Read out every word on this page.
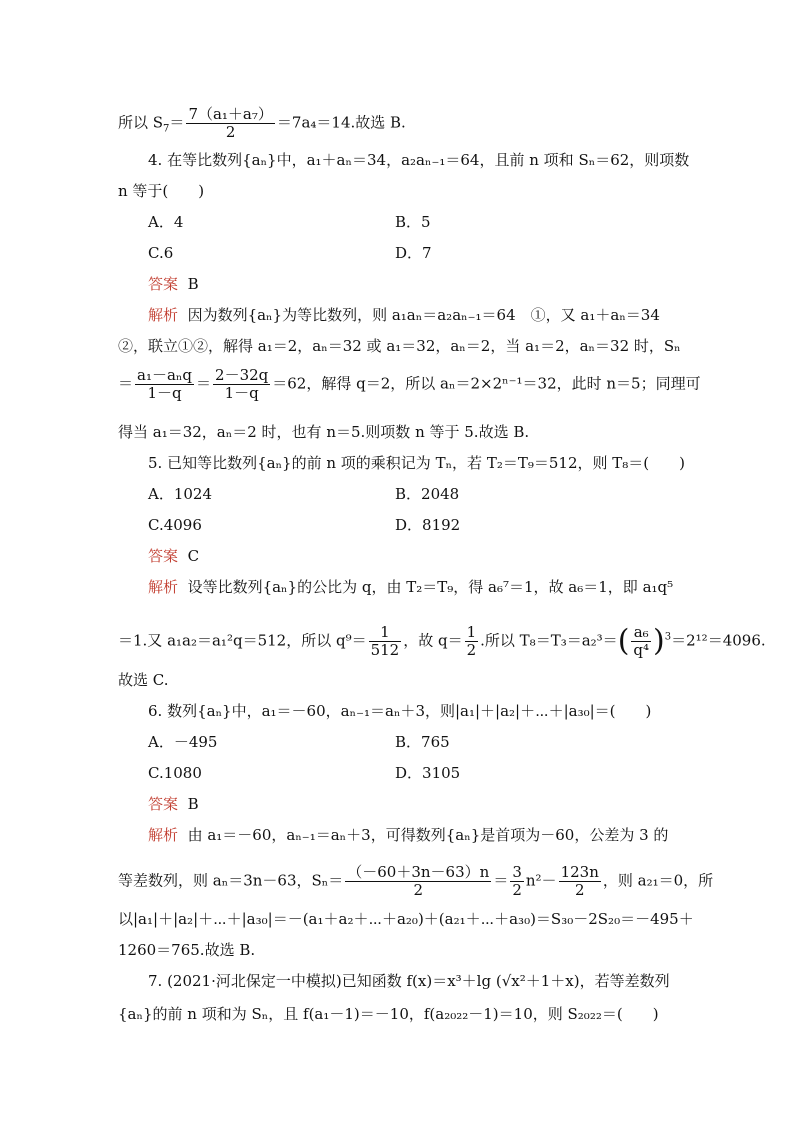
所以 $S_7= \frac{\text{7（a₁＋a₇）}}{2} =7a_4=14$.故选 B.
4. 在等比数列{aₙ}中，a₁＋aₙ＝34，a₂aₙ₋₁＝64，且前 n 项和 Sₙ＝62，则项数
n 等于(　　)
A．4	B．5
C.6	D．7
答案 B
解析 因为数列{aₙ}为等比数列，则 a₁aₙ＝a₂aₙ₋₁＝64　①，又 a₁＋aₙ＝34
②，联立①②，解得 a₁＝2，aₙ＝32 或 a₁＝32，aₙ＝2，当 a₁＝2，aₙ＝32 时，Sₙ
＝ $\frac{\text{a₁－aₙq}}{1-q} = \frac{2-32q}{1-q} =62$，解得 q＝2，所以 aₙ＝2×2ⁿ⁻¹＝32，此时 n＝5；同理可
得当 a₁＝32，aₙ＝2 时，也有 n＝5.则项数 n 等于 5.故选 B.
5. 已知等比数列{aₙ}的前 n 项的乘积记为 Tₙ，若 T₂＝T₉＝512，则 T₈＝(　　)
A．1024	B．2048
C.4096	D．8192
答案 C
解析 设等比数列{aₙ}的公比为 q，由 T₂＝T₉，得 a₆⁷＝1，故 a₆＝1，即 a₁q⁵
＝1.又 a₁a₂＝a₁²q＝512，所以 $q^9= \frac{1}{512}$ ，故 $q= \frac{1}{2}$ .所以 $T_8=T_3=a_2^3=( \frac{\text{a₆}}{\text{q⁴}} )^3=2^{12}=4096$.
故选 C.
6. 数列{aₙ}中，a₁＝－60，aₙ₋₁＝aₙ＋3，则|a₁|＋|a₂|＋⋯＋|a₃₀|＝(　　)
A．－495	B．765
C.1080	D．3105
答案 B
解析 由 a₁＝－60，aₙ₋₁＝aₙ＋3，可得数列{aₙ}是首项为－60，公差为 3 的
等差数列，则 aₙ＝3n－63，$S_n= \frac{(-60+3n-63)n}{2} = \frac{3}{2} n^2- \frac{123n}{2}$ ，则 a₂₁＝0，所
以|a₁|＋|a₂|＋⋯＋|a₃₀|＝－(a₁＋a₂＋⋯＋a₂₀)＋(a₂₁＋⋯＋a₃₀)＝S₃₀－2S₂₀＝－495＋
1260＝765.故选 B.
7. (2021·河北保定一中模拟)已知函数 f(x)＝x³＋lg (√x²＋1＋x)，若等差数列
{aₙ}的前 n 项和为 Sₙ，且 f(a₁－1)＝－10，f(a₂₀₂₂－1)＝10，则 S₂₀₂₂＝(　　)
